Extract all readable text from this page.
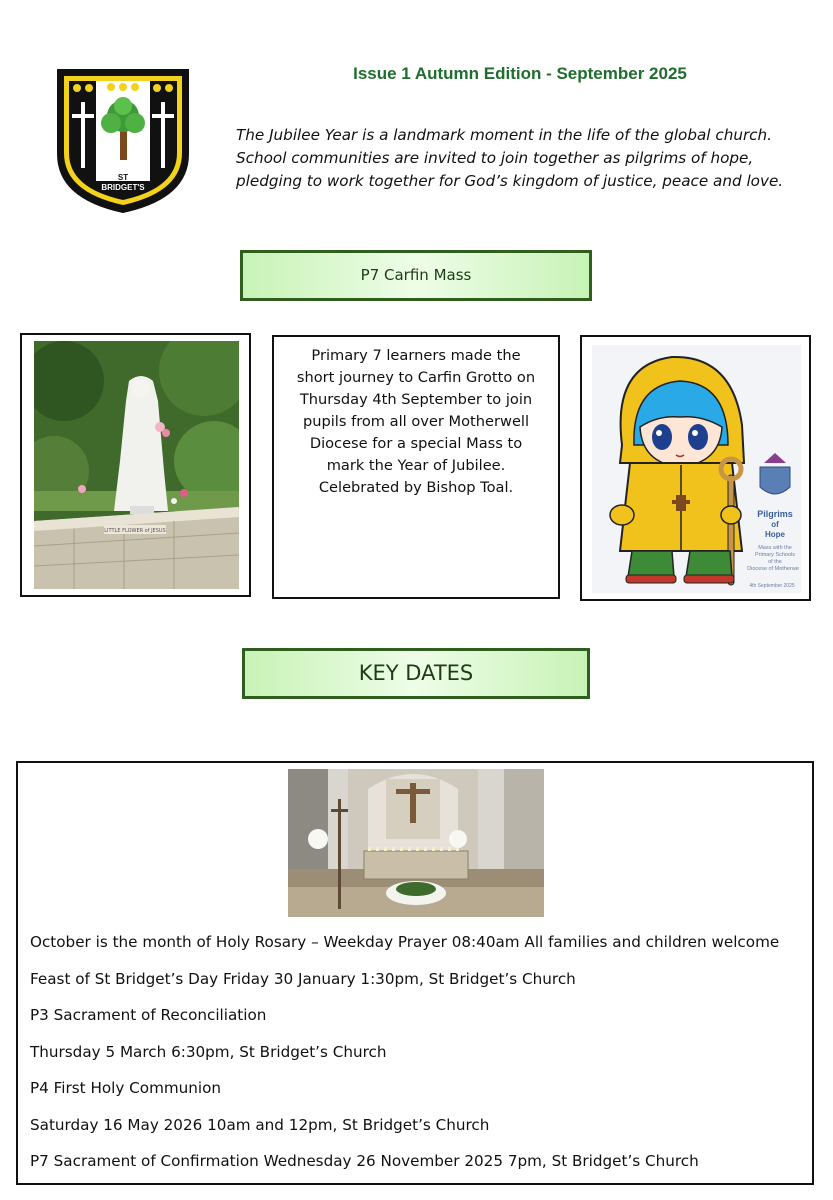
ST
BRIDGET'S
Issue 1 Autumn Edition - September 2025
The Jubilee Year is a landmark moment in the life of the global church.
School communities are invited to join together as pilgrims of hope,
pledging to work together for God’s kingdom of justice, peace and love.
P7 Carfin Mass
LITTLE FLOWER of JESUS
Primary 7 learners made the
short journey to Carfin Grotto on
Thursday 4th September to join
pupils from all over Motherwell
Diocese for a special Mass to
mark the Year of Jubilee.
Celebrated by Bishop Toal.
Pilgrims
of
Hope
Mass with the
Primary Schools
of the
Diocese of Motherwe
4th September 2025
KEY DATES
October is the month of Holy Rosary – Weekday Prayer 08:40am All families and children welcome
Feast of St Bridget’s Day Friday 30 January 1:30pm, St Bridget’s Church
P3 Sacrament of Reconciliation
Thursday 5 March 6:30pm, St Bridget’s Church
P4 First Holy Communion
Saturday 16 May 2026 10am and 12pm, St Bridget’s Church
P7 Sacrament of Confirmation Wednesday 26 November 2025 7pm, St Bridget’s Church
